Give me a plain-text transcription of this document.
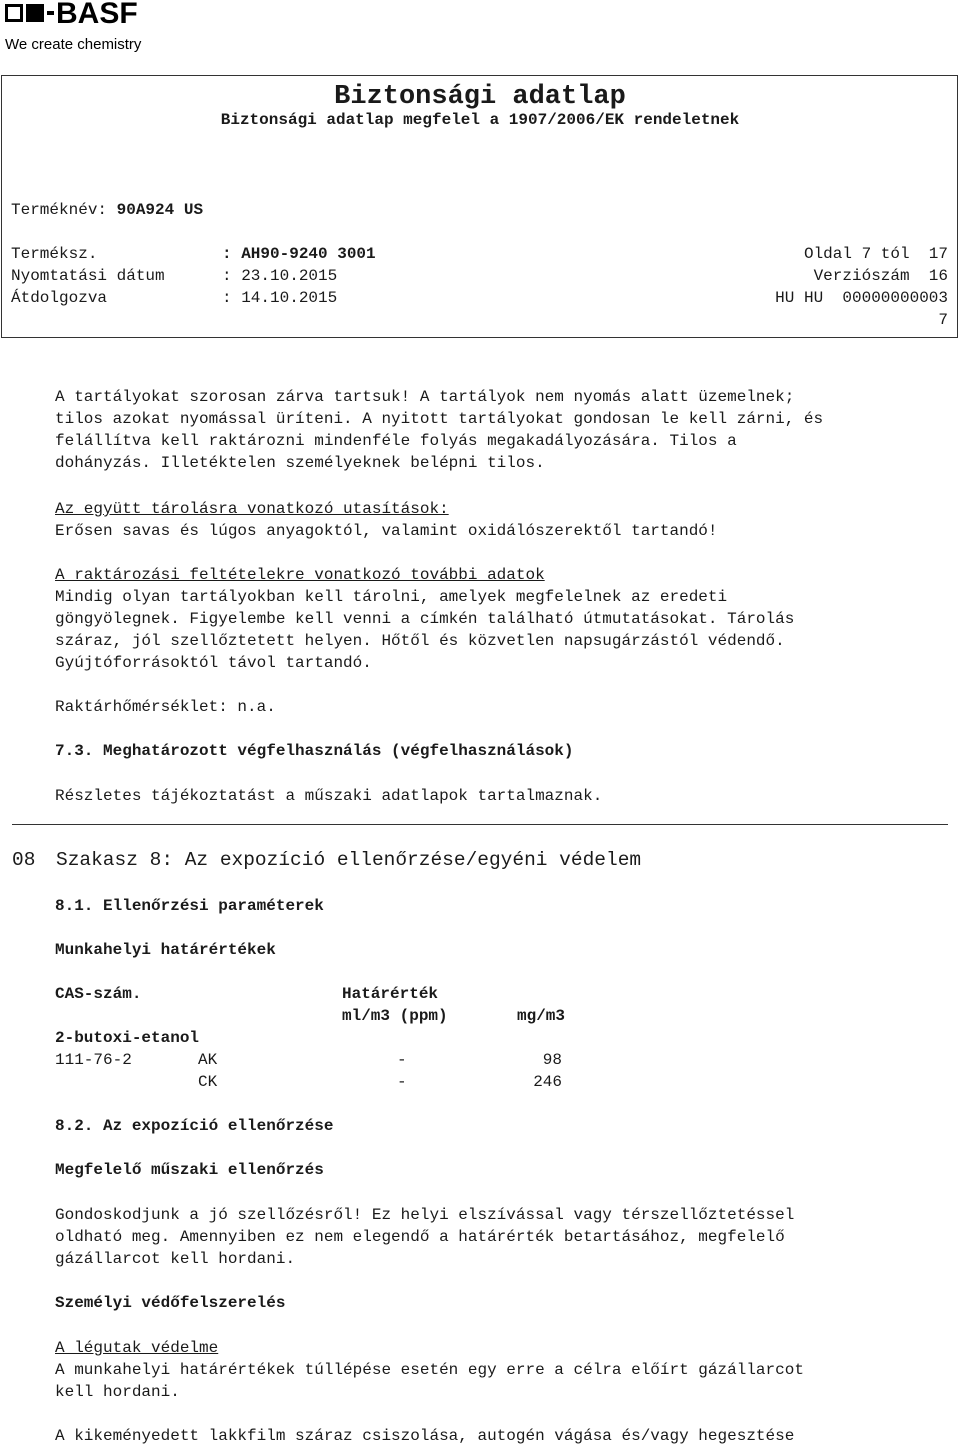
BASF

We create chemistry

Biztonsági adatlap
Biztonsági adatlap megfelel a 1907/2006/EK rendeletnek
Terméknév: 90A924 US
Terméksz.	: AH90-9240 3001
Nyomtatási dátum	: 23.10.2015
Átdolgozva	: 14.10.2015
Oldal 7 tól  17
Verziószám  16
HU HU  00000000003
7
A tartályokat szorosan zárva tartsuk! A tartályok nem nyomás alatt üzemelnek;
tilos azokat nyomással üríteni. A nyitott tartályokat gondosan le kell zárni, és
felállítva kell raktározni mindenféle folyás megakadályozására. Tilos a
dohányzás. Illetéktelen személyeknek belépni tilos.
Az együtt tárolásra vonatkozó utasítások:
Erősen savas és lúgos anyagoktól, valamint oxidálószerektől tartandó!
A raktározási feltételekre vonatkozó további adatok
Mindig olyan tartályokban kell tárolni, amelyek megfelelnek az eredeti
göngyölegnek. Figyelembe kell venni a címkén található útmutatásokat. Tárolás
száraz, jól szellőztetett helyen. Hőtől és közvetlen napsugárzástól védendő.
Gyújtóforrásoktól távol tartandó.
Raktárhőmérséklet: n.a.
7.3. Meghatározott végfelhasználás (végfelhasználások)
Részletes tájékoztatást a műszaki adatlapok tartalmaznak.
08 Szakasz 8: Az expozíció ellenőrzése/egyéni védelem
8.1. Ellenőrzési paraméterek
Munkahelyi határértékek
CAS-szám.	Határérték
ml/m3 (ppm)	mg/m3
2-butoxi-etanol
111-76-2	AK	-	98
CK	-	246
8.2. Az expozíció ellenőrzése
Megfelelő műszaki ellenőrzés
Gondoskodjunk a jó szellőzésről! Ez helyi elszívással vagy térszellőztetéssel
oldható meg. Amennyiben ez nem elegendő a határérték betartásához, megfelelő
gázállarcot kell hordani.
Személyi védőfelszerelés
A légutak védelme
A munkahelyi határértékek túllépése esetén egy erre a célra előírt gázállarcot
kell hordani.
A kikeményedett lakkfilm száraz csiszolása, autogén vágása és/vagy hegesztése
